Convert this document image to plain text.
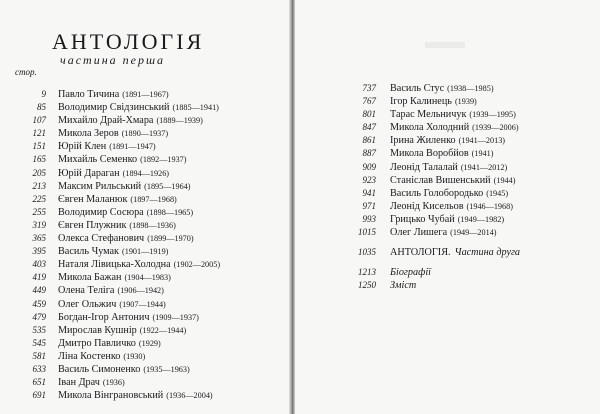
АНТОЛОГІЯ

частина перша

стор.
9	Павло Тичина (1891—1967)
85	Володимир Свідзинський (1885—1941)
107	Михайло Драй-Хмара (1889—1939)
121	Микола Зеров (1890—1937)
151	Юрій Клен (1891—1947)
165	Михайль Семенко (1892—1937)
205	Юрій Дараган (1894—1926)
213	Максим Рильський (1895—1964)
225	Євген Маланюк (1897—1968)
255	Володимир Сосюра (1898—1965)
319	Євген Плужник (1898—1936)
365	Олекса Стефанович (1899—1970)
395	Василь Чумак (1901—1919)
403	Наталя Лівицька-Холодна (1902—2005)
419	Микола Бажан (1904—1983)
449	Олена Теліга (1906—1942)
459	Олег Ольжич (1907—1944)
479	Богдан-Ігор Антонич (1909—1937)
535	Мирослав Кушнір (1922—1944)
545	Дмитро Павличко (1929)
581	Ліна Костенко (1930)
633	Василь Симоненко (1935—1963)
651	Іван Драч (1936)
691	Микола Вінграновський (1936—2004)
737	Василь Стус (1938—1985)
767	Ігор Калинець (1939)
801	Тарас Мельничук (1939—1995)
847	Микола Холодний (1939—2006)
861	Ірина Жиленко (1941—2013)
887	Микола Воробйов (1941)
909	Леонід Талалай (1941—2012)
923	Станіслав Вишенський (1944)
941	Василь Голобородько (1945)
971	Леонід Кисельов (1946—1968)
993	Грицько Чубай (1949—1982)
1015	Олег Лишега (1949—2014)
1035	АНТОЛОГІЯ. Частина друга
1213	Біографії
1250	Зміст
